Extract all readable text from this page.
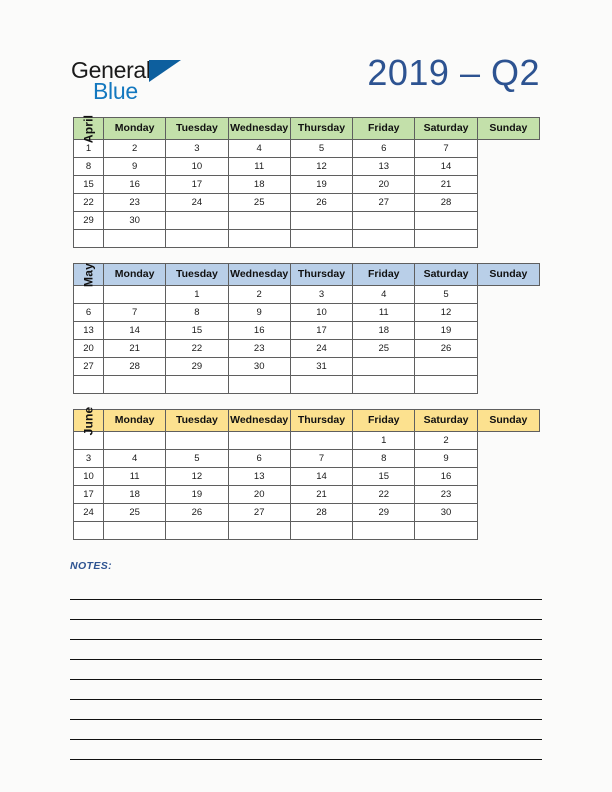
General
Blue	2019 – Q2
April	Monday	Tuesday	Wednesday	Thursday	Friday	Saturday	Sunday
1	2	3	4	5	6	7	
8	9	10	11	12	13	14	
15	16	17	18	19	20	21	
22	23	24	25	26	27	28	
29	30						

May	Monday	Tuesday	Wednesday	Thursday	Friday	Saturday	Sunday
		1	2	3	4	5	
6	7	8	9	10	11	12	
13	14	15	16	17	18	19	
20	21	22	23	24	25	26	
27	28	29	30	31			

June	Monday	Tuesday	Wednesday	Thursday	Friday	Saturday	Sunday
					1	2	
3	4	5	6	7	8	9	
10	11	12	13	14	15	16	
17	18	19	20	21	22	23	
24	25	26	27	28	29	30	

NOTES:
